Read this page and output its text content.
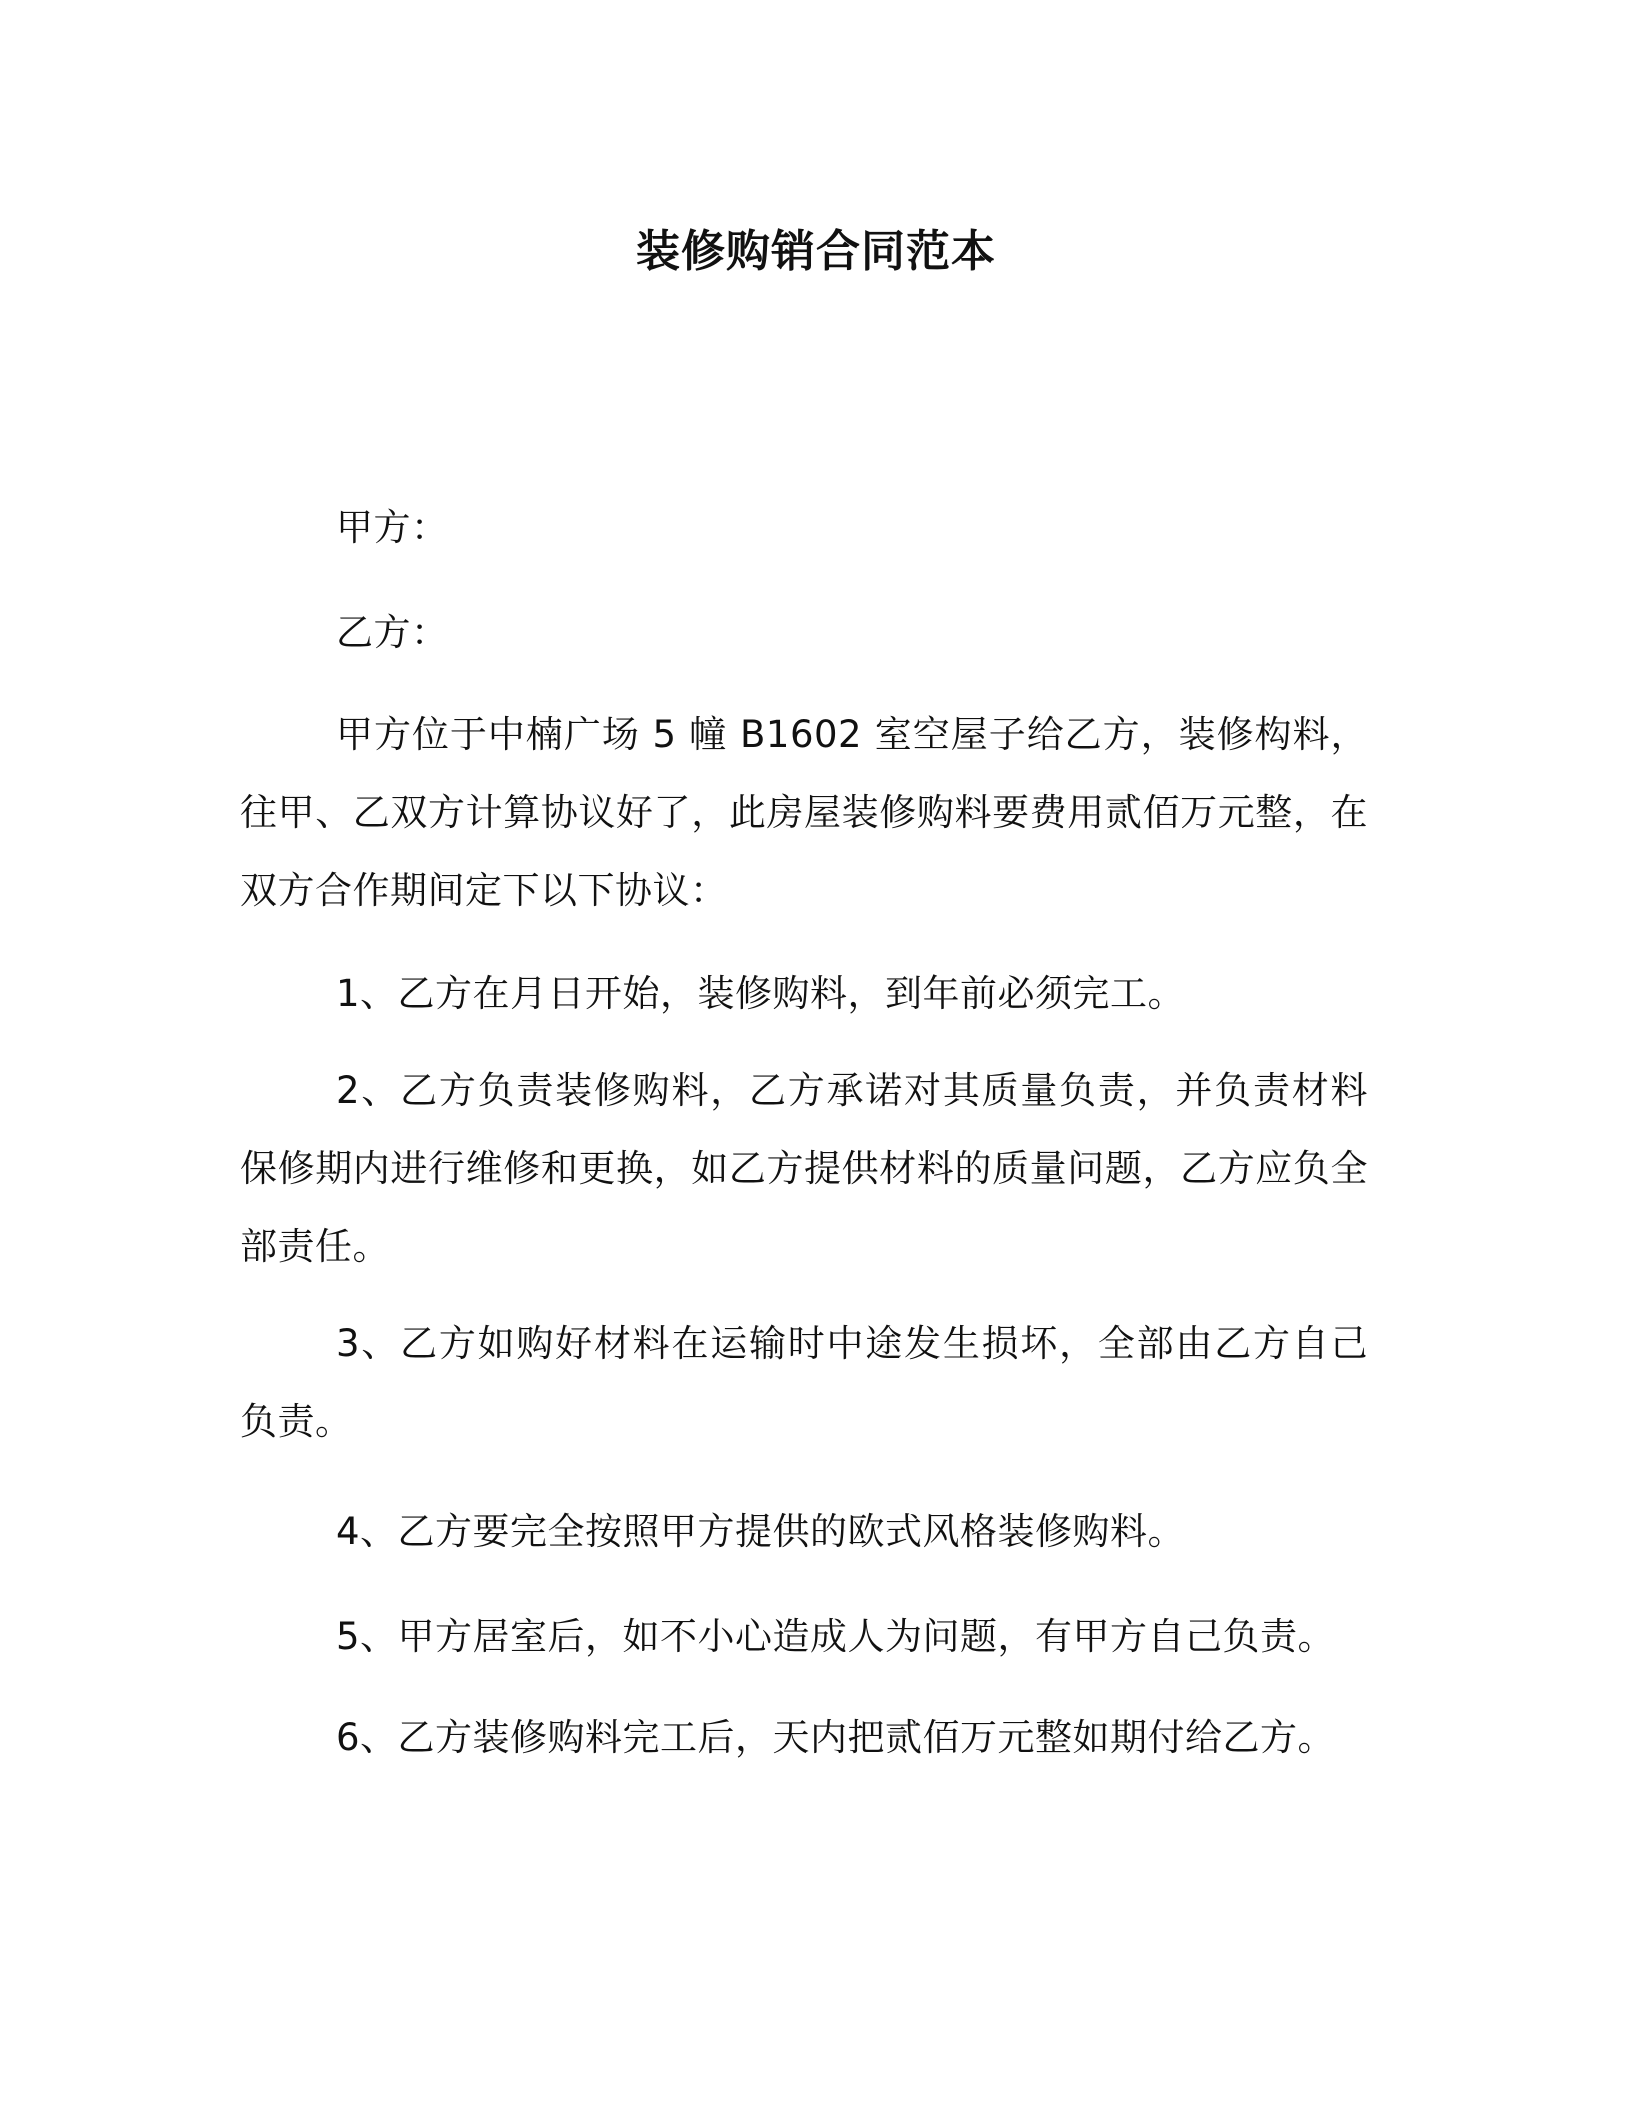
装修购销合同范本

甲方：

乙方：

甲方位于中楠广场 5 幢 B1602 室空屋子给乙方，装修构料，往甲、乙双方计算协议好了，此房屋装修购料要费用贰佰万元整，在双方合作期间定下以下协议：

1、乙方在月日开始，装修购料，到年前必须完工。

2、乙方负责装修购料，乙方承诺对其质量负责，并负责材料保修期内进行维修和更换，如乙方提供材料的质量问题，乙方应负全部责任。

3、乙方如购好材料在运输时中途发生损坏，全部由乙方自己负责。

4、乙方要完全按照甲方提供的欧式风格装修购料。

5、甲方居室后，如不小心造成人为问题，有甲方自己负责。

6、乙方装修购料完工后，天内把贰佰万元整如期付给乙方。
